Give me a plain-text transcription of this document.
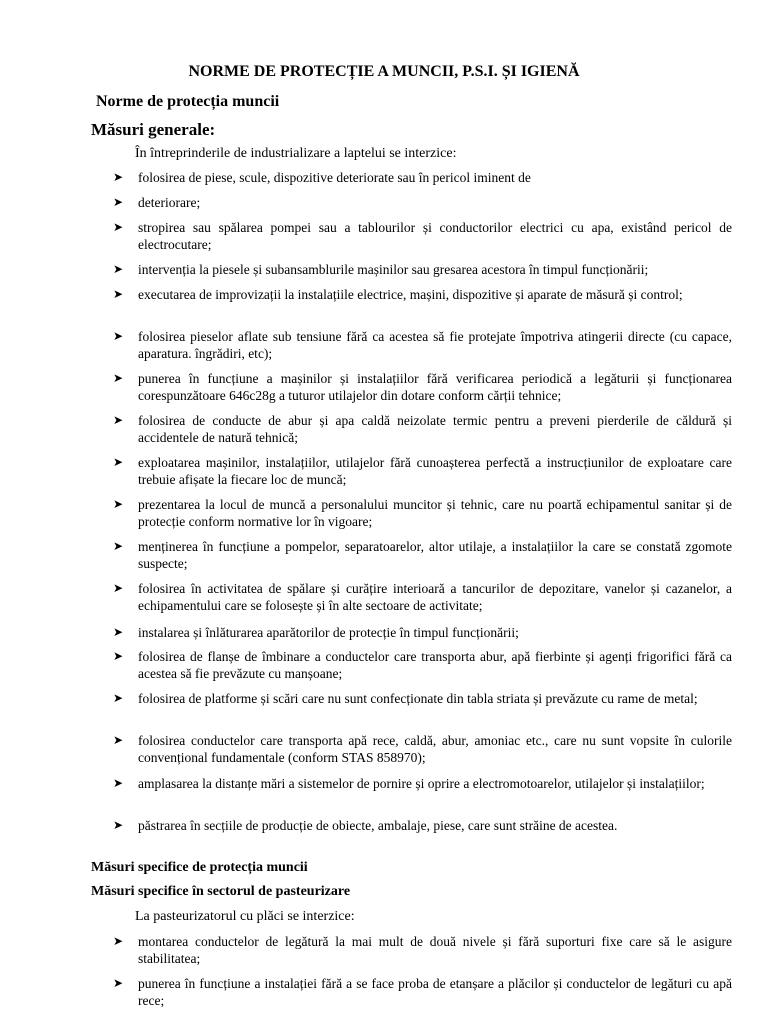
NORME DE PROTECȚIE A MUNCII, P.S.I. ȘI IGIENĂ
Norme de protecția muncii
Măsuri generale:
În întreprinderile de industrializare a laptelui se interzice:
➤ folosirea de piese, scule, dispozitive deteriorate sau în pericol iminent de
➤ deteriorare;
➤ stropirea sau spălarea pompei sau a tablourilor și conductorilor electrici cu apa, existând pericol de electrocutare;
➤ intervenția la piesele și subansamblurile mașinilor sau gresarea acestora în timpul funcționării;
➤ executarea de improvizații la instalațiile electrice, mașini, dispozitive și aparate de măsură și control;
➤ folosirea pieselor aflate sub tensiune fără ca acestea să fie protejate împotriva atingerii directe (cu capace, aparatura. îngrădiri, etc);
➤ punerea în funcțiune a mașinilor și instalațiilor fără verificarea periodică a legăturii și funcționarea corespunzătoare 646c28g a tuturor utilajelor din dotare conform cărții tehnice;
➤ folosirea de conducte de abur și apa caldă neizolate termic pentru a preveni pierderile de căldură și accidentele de natură tehnică;
➤ exploatarea mașinilor, instalațiilor, utilajelor fără cunoașterea perfectă a instrucțiunilor de exploatare care trebuie afișate la fiecare loc de muncă;
➤ prezentarea la locul de muncă a personalului muncitor și tehnic, care nu poartă echipamentul sanitar și de protecție conform normative lor în vigoare;
➤ menținerea în funcțiune a pompelor, separatoarelor, altor utilaje, a instalațiilor la care se constată zgomote suspecte;
➤ folosirea în activitatea de spălare și curățire interioară a tancurilor de depozitare, vanelor și cazanelor, a echipamentului care se folosește și în alte sectoare de activitate;
➤ instalarea și înlăturarea aparătorilor de protecție în timpul funcționării;
➤ folosirea de flanșe de îmbinare a conductelor care transporta abur, apă fierbinte și agenți frigorifici fără ca acestea să fie prevăzute cu manșoane;
➤ folosirea de platforme și scări care nu sunt confecționate din tabla striata și prevăzute cu rame de metal;
➤ folosirea conductelor care transporta apă rece, caldă, abur, amoniac etc., care nu sunt vopsite în culorile convențional fundamentale (conform STAS 858970);
➤ amplasarea la distanțe mări a sistemelor de pornire și oprire a electromotoarelor, utilajelor și instalațiilor;
➤ păstrarea în secțiile de producție de obiecte, ambalaje, piese, care sunt străine de acestea.
Măsuri specifice de protecția muncii
Măsuri specifice în sectorul de pasteurizare
La pasteurizatorul cu plăci se interzice:
➤ montarea conductelor de legătură la mai mult de două nivele și fără suporturi fixe care să le asigure stabilitatea;
➤ punerea în funcțiune a instalației fără a se face proba de etanșare a plăcilor și conductelor de legături cu apă rece;
